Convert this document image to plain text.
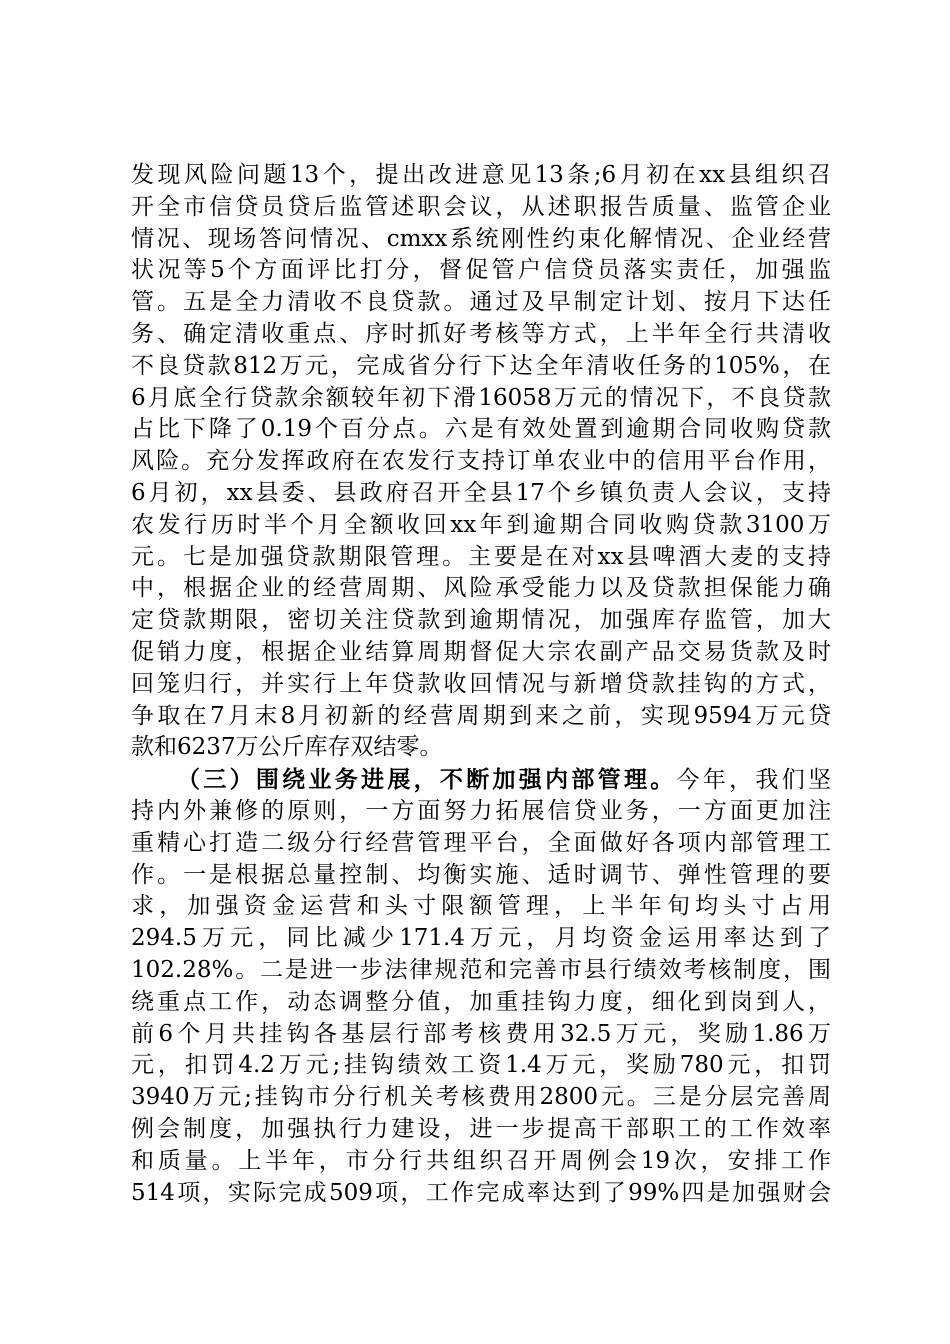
发现风险问题13个，提出改进意见13条;6月初在xx县组织召
开全市信贷员贷后监管述职会议，从述职报告质量、监管企业
情况、现场答问情况、cmxx系统刚性约束化解情况、企业经营
状况等5个方面评比打分，督促管户信贷员落实责任，加强监
管。五是全力清收不良贷款。通过及早制定计划、按月下达任
务、确定清收重点、序时抓好考核等方式，上半年全行共清收
不良贷款812万元，完成省分行下达全年清收任务的105%，在
6月底全行贷款余额较年初下滑16058万元的情况下，不良贷款
占比下降了0.19个百分点。六是有效处置到逾期合同收购贷款
风险。充分发挥政府在农发行支持订单农业中的信用平台作用，
6月初，xx县委、县政府召开全县17个乡镇负责人会议，支持
农发行历时半个月全额收回xx年到逾期合同收购贷款3100万
元。七是加强贷款期限管理。主要是在对xx县啤酒大麦的支持
中，根据企业的经营周期、风险承受能力以及贷款担保能力确
定贷款期限，密切关注贷款到逾期情况，加强库存监管，加大
促销力度，根据企业结算周期督促大宗农副产品交易货款及时
回笼归行，并实行上年贷款收回情况与新增贷款挂钩的方式，
争取在7月末8月初新的经营周期到来之前，实现9594万元贷
款和6237万公斤库存双结零。
（三）围绕业务进展，不断加强内部管理。今年，我们坚
持内外兼修的原则，一方面努力拓展信贷业务，一方面更加注
重精心打造二级分行经营管理平台，全面做好各项内部管理工
作。一是根据总量控制、均衡实施、适时调节、弹性管理的要
求，加强资金运营和头寸限额管理，上半年旬均头寸占用
294.5万元，同比减少171.4万元，月均资金运用率达到了
102.28%。二是进一步法律规范和完善市县行绩效考核制度，围
绕重点工作，动态调整分值，加重挂钩力度，细化到岗到人，
前6个月共挂钩各基层行部考核费用32.5万元，奖励1.86万
元，扣罚4.2万元;挂钩绩效工资1.4万元，奖励780元，扣罚
3940万元;挂钩市分行机关考核费用2800元。三是分层完善周
例会制度，加强执行力建设，进一步提高干部职工的工作效率
和质量。上半年，市分行共组织召开周例会19次，安排工作
514项，实际完成509项，工作完成率达到了99%四是加强财会
